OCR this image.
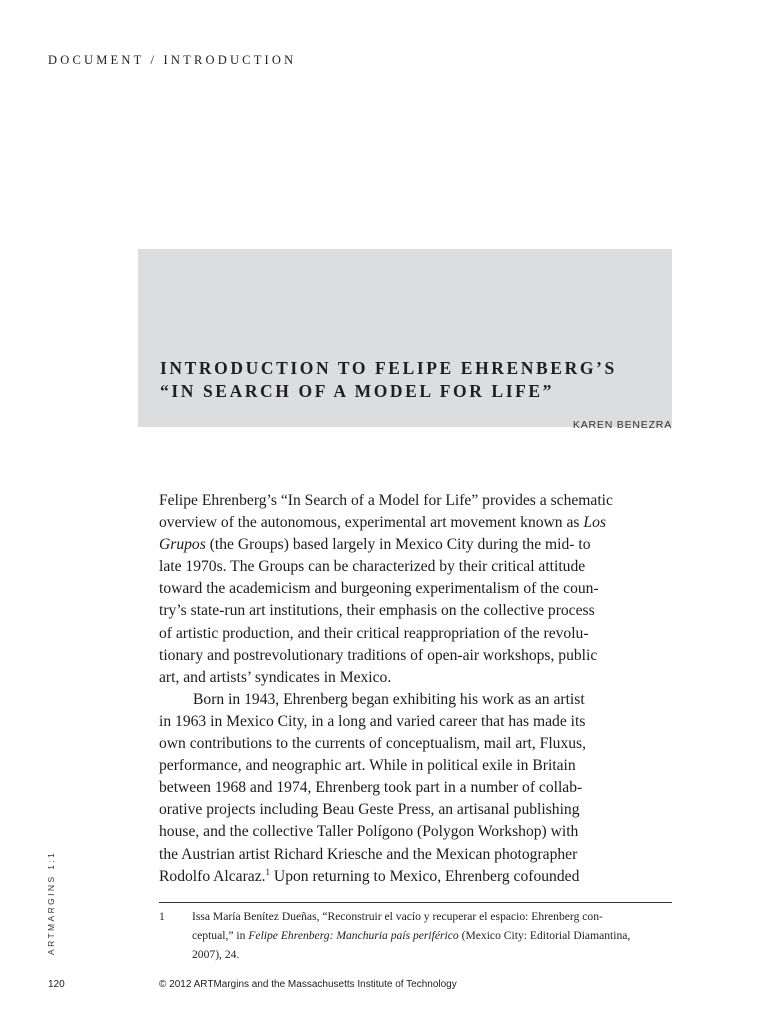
DOCUMENT / INTRODUCTION
INTRODUCTION TO FELIPE EHRENBERG’S
“IN SEARCH OF A MODEL FOR LIFE”
KAREN BENEZRA
Felipe Ehrenberg’s “In Search of a Model for Life” provides a schematic
overview of the autonomous, experimental art movement known as Los
Grupos (the Groups) based largely in Mexico City during the mid- to
late 1970s. The Groups can be characterized by their critical attitude
toward the academicism and burgeoning experimentalism of the coun-
try’s state-run art institutions, their emphasis on the collective process
of artistic production, and their critical reappropriation of the revolu-
tionary and postrevolutionary traditions of open-air workshops, public
art, and artists’ syndicates in Mexico.
Born in 1943, Ehrenberg began exhibiting his work as an artist
in 1963 in Mexico City, in a long and varied career that has made its
own contributions to the currents of conceptualism, mail art, Fluxus,
performance, and neographic art. While in political exile in Britain
between 1968 and 1974, Ehrenberg took part in a number of collab-
orative projects including Beau Geste Press, an artisanal publishing
house, and the collective Taller Polígono (Polygon Workshop) with
the Austrian artist Richard Kriesche and the Mexican photographer
Rodolfo Alcaraz.$^1$ Upon returning to Mexico, Ehrenberg cofounded
ARTMARGINS 1:1	1 Issa María Benítez Dueñas, “Reconstruir el vacío y recuperar el espacio: Ehrenberg con-
ceptual,” in Felipe Ehrenberg: Manchuria país periférico (Mexico City: Editorial Diamantina,
2007), 24.
120	© 2012 ARTMargins and the Massachusetts Institute of Technology
